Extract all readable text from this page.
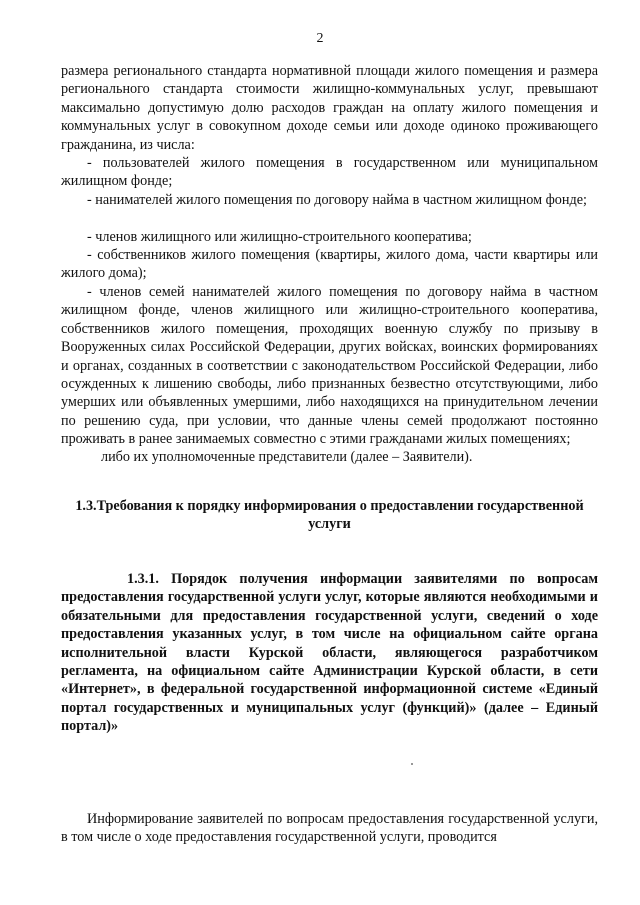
2

размера регионального стандарта нормативной площади жилого помещения и размера регионального стандарта стоимости жилищно-коммунальных услуг, превышают максимально допустимую долю расходов граждан на оплату жилого помещения и коммунальных услуг в совокупном доходе семьи или доходе одиноко проживающего гражданина, из числа:

- пользователей жилого помещения в государственном или муниципальном жилищном фонде;

- нанимателей жилого помещения по договору найма в частном жилищном фонде;

- членов жилищного или жилищно-строительного кооператива;

- собственников жилого помещения (квартиры, жилого дома, части квартиры или жилого дома);

- членов семей нанимателей жилого помещения по договору найма в частном жилищном фонде, членов жилищного или жилищно-строительного кооператива, собственников жилого помещения, проходящих военную службу по призыву в Вооруженных силах Российской Федерации, других войсках, воинских формированиях и органах, созданных в соответствии с законодательством Российской Федерации, либо осужденных к лишению свободы, либо признанных безвестно отсутствующими, либо умерших или объявленных умершими, либо находящихся на принудительном лечении по решению суда, при условии, что данные члены семей продолжают постоянно проживать в ранее занимаемых совместно с этими гражданами жилых помещениях;

либо их уполномоченные представители (далее – Заявители).

1.3.Требования к порядку информирования о предоставлении государственной услуги

1.3.1. Порядок получения информации заявителями по вопросам предоставления государственной услуги услуг, которые являются необходимыми и обязательными для предоставления государственной услуги, сведений о ходе предоставления указанных услуг, в том числе на официальном сайте органа исполнительной власти Курской области, являющегося разработчиком регламента, на официальном сайте Администрации Курской области, в сети «Интернет», в федеральной государственной информационной системе «Единый портал государственных и муниципальных услуг (функций)» (далее – Единый портал)»

Информирование заявителей по вопросам предоставления государственной услуги, в том числе о ходе предоставления государственной услуги, проводится
